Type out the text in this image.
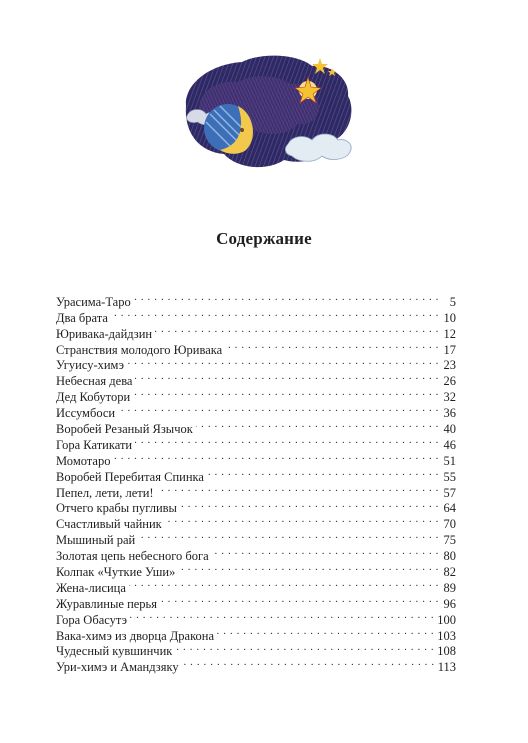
Содержание
Урасима-Таро . . .	5
Два брата . . .	10
Юривака-дайдзин . . .	12
Странствия молодого Юривака . . .	17
Угуису-химэ . . .	23
Небесная дева . . .	26
Дед Кобутори . . .	32
Иссумбоси . . .	36
Воробей Резаный Язычок . . .	40
Гора Катикати . . .	46
Момотаро . . .	51
Воробей Перебитая Спинка . . .	55
Пепел, лети, лети! . . .	57
Отчего крабы пугливы . . .	64
Счастливый чайник . . .	70
Мышиный рай . . .	75
Золотая цепь небесного бога . . .	80
Колпак «Чуткие Уши» . . .	82
Жена-лисица . . .	89
Журавлиные перья . . .	96
Гора Обасутэ . . .	100
Вака-химэ из дворца Дракона . . .	103
Чудесный кувшинчик . . .	108
Ури-химэ и Амандзяку . . .	113
